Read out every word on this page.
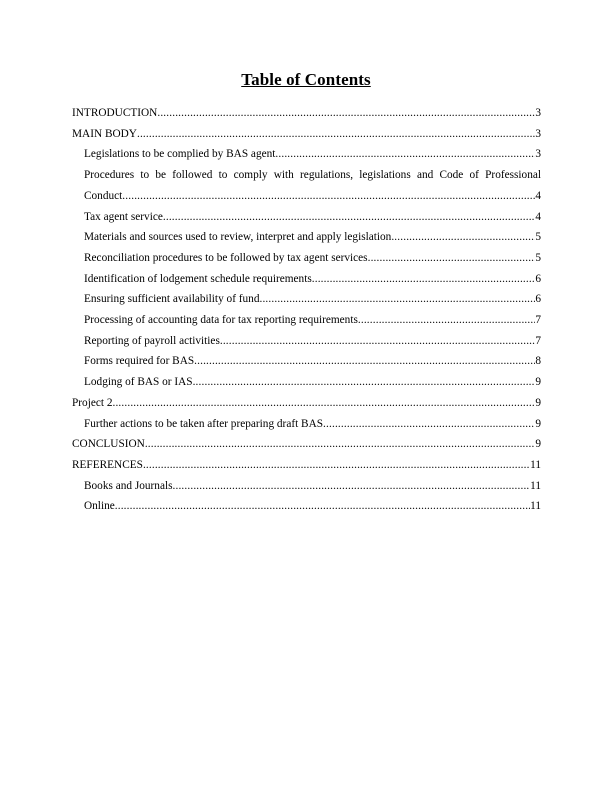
Table of Contents
INTRODUCTION .....	3
MAIN BODY .....	3
Legislations to be complied by BAS agent .....	3
Procedures to be followed to comply with regulations, legislations and Code of Professional
Conduct .....	4
Tax agent service .....	4
Materials and sources used to review, interpret and apply legislation .....	5
Reconciliation procedures to be followed by tax agent services .....	5
Identification of lodgement schedule requirements .....	6
Ensuring sufficient availability of fund .....	6
Processing of accounting data for tax reporting requirements .....	7
Reporting of payroll activities .....	7
Forms required for BAS .....	8
Lodging of BAS or IAS .....	9
Project 2 .....	9
Further actions to be taken after preparing draft BAS .....	9
CONCLUSION .....	9
REFERENCES .....	11
Books and Journals .....	11
Online .....	11
